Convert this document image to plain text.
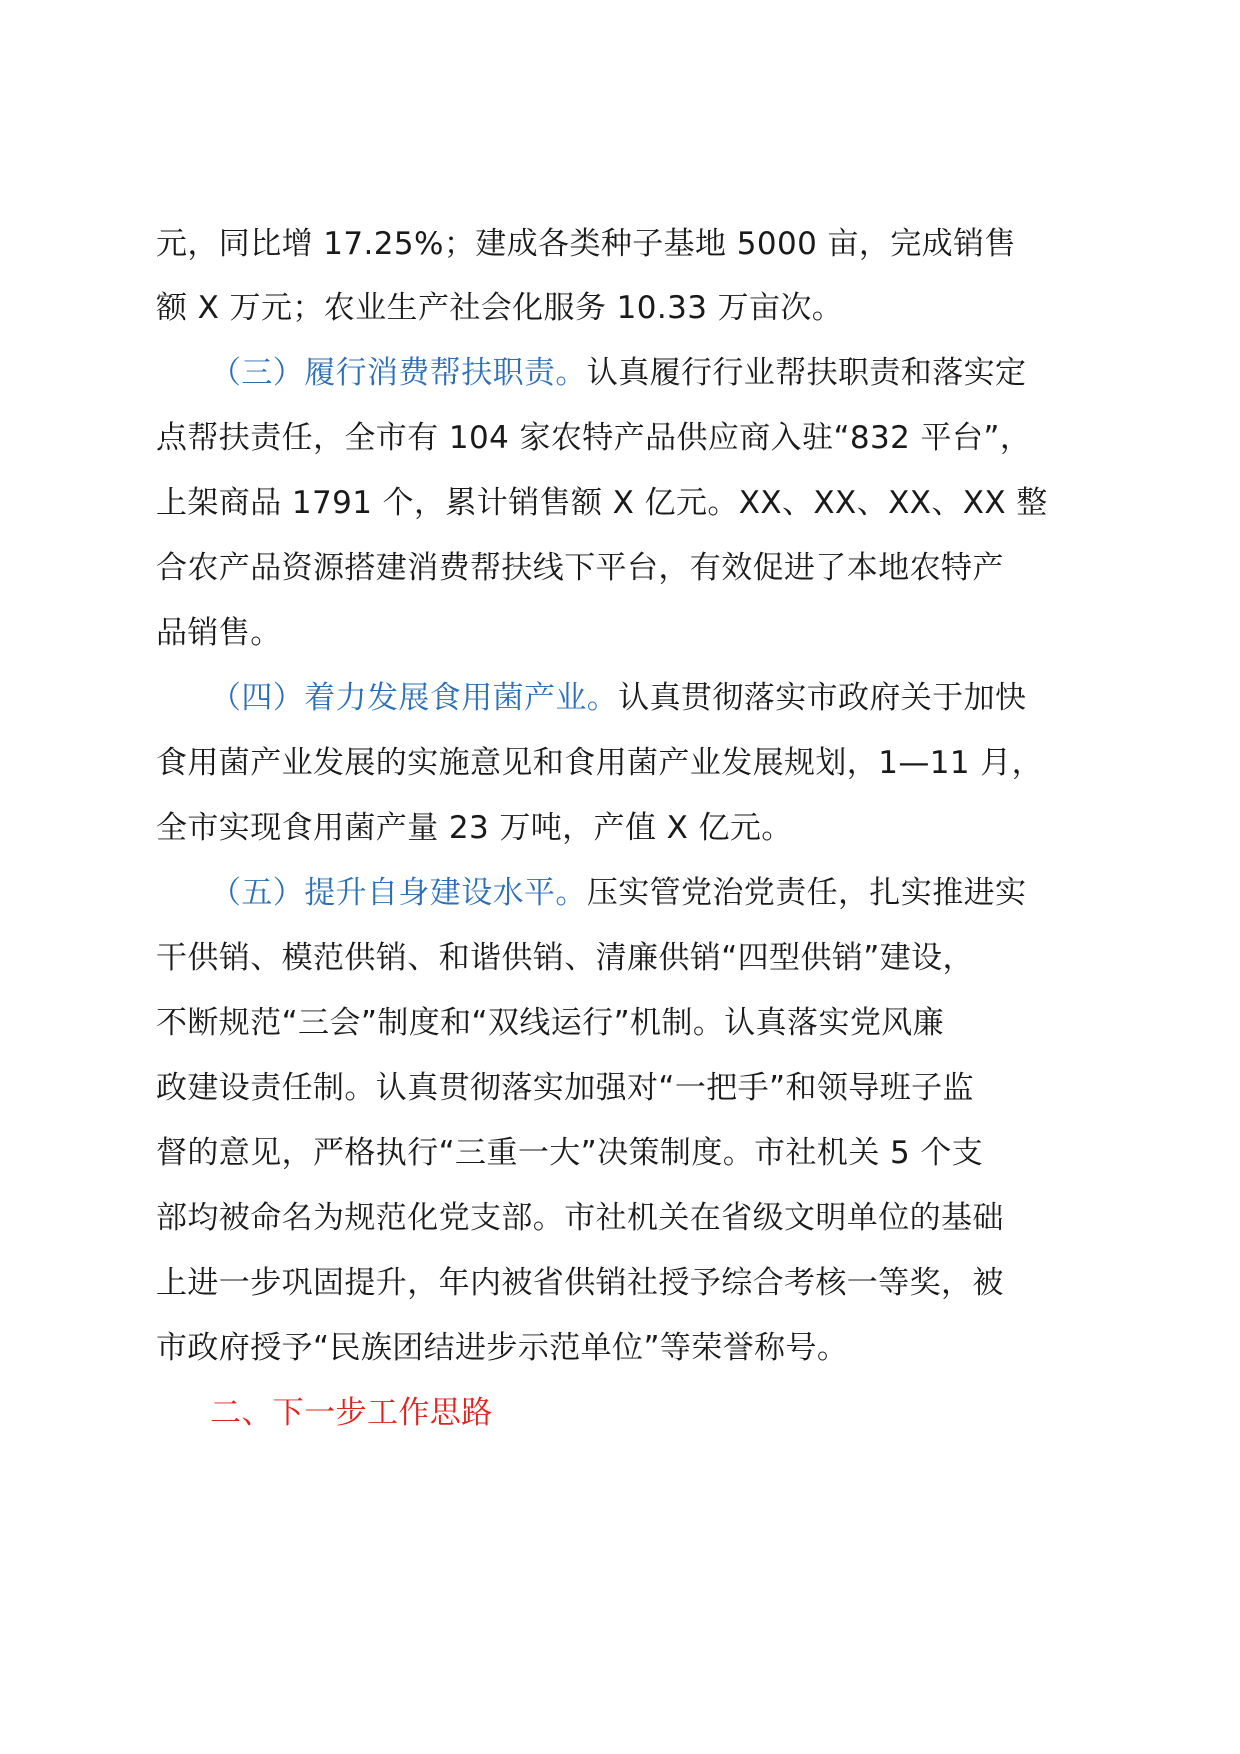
元，同比增 17.25%；建成各类种子基地 5000 亩，完成销售
额 X 万元；农业生产社会化服务 10.33 万亩次。
（三）履行消费帮扶职责。认真履行行业帮扶职责和落实定
点帮扶责任，全市有 104 家农特产品供应商入驻“832 平台”，
上架商品 1791 个，累计销售额 X 亿元。XX、XX、XX、XX 整
合农产品资源搭建消费帮扶线下平台，有效促进了本地农特产
品销售。
（四）着力发展食用菌产业。认真贯彻落实市政府关于加快
食用菌产业发展的实施意见和食用菌产业发展规划，1—11 月，
全市实现食用菌产量 23 万吨，产值 X 亿元。
（五）提升自身建设水平。压实管党治党责任，扎实推进实
干供销、模范供销、和谐供销、清廉供销“四型供销”建设，
不断规范“三会”制度和“双线运行”机制。认真落实党风廉
政建设责任制。认真贯彻落实加强对“一把手”和领导班子监
督的意见，严格执行“三重一大”决策制度。市社机关 5 个支
部均被命名为规范化党支部。市社机关在省级文明单位的基础
上进一步巩固提升，年内被省供销社授予综合考核一等奖，被
市政府授予“民族团结进步示范单位”等荣誉称号。
二、下一步工作思路
